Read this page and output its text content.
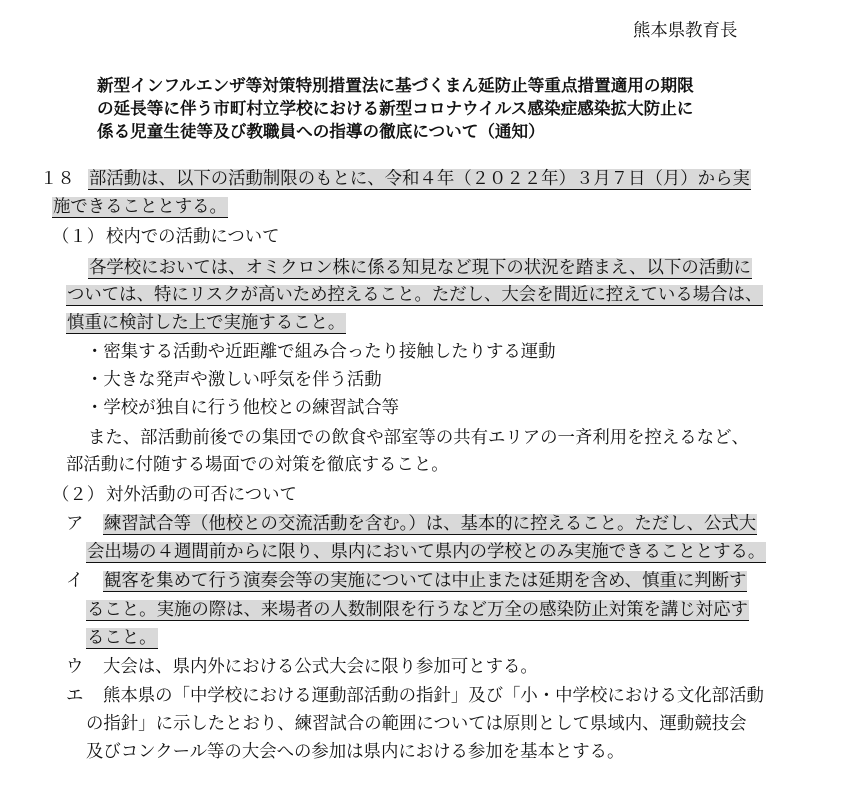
熊本県教育長
新型インフルエンザ等対策特別措置法に基づくまん延防止等重点措置適用の期限
の延長等に伴う市町村立学校における新型コロナウイルス感染症感染拡大防止に
係る児童生徒等及び教職員への指導の徹底について（通知）
１８ 部活動は、以下の活動制限のもとに、令和４年（２０２２年）３月７日（月）から実
施できることとする。
（１） 校内での活動について
各学校においては、オミクロン株に係る知見など現下の状況を踏まえ、以下の活動に
ついては、特にリスクが高いため控えること。ただし、大会を間近に控えている場合は、
慎重に検討した上で実施すること。
・密集する活動や近距離で組み合ったり接触したりする運動
・大きな発声や激しい呼気を伴う活動
・学校が独自に行う他校との練習試合等
また、部活動前後での集団での飲食や部室等の共有エリアの一斉利用を控えるなど、
部活動に付随する場面での対策を徹底すること。
（２） 対外活動の可否について
ア 練習試合等（他校との交流活動を含む。）は、基本的に控えること。ただし、公式大
会出場の４週間前からに限り、県内において県内の学校とのみ実施できることとする。
イ 観客を集めて行う演奏会等の実施については中止または延期を含め、慎重に判断す
ること。実施の際は、来場者の人数制限を行うなど万全の感染防止対策を講じ対応す
ること。
ウ 大会は、県内外における公式大会に限り参加可とする。
エ 熊本県の「中学校における運動部活動の指針」及び「小・中学校における文化部活動
の指針」に示したとおり、練習試合の範囲については原則として県域内、運動競技会
及びコンクール等の大会への参加は県内における参加を基本とする。
